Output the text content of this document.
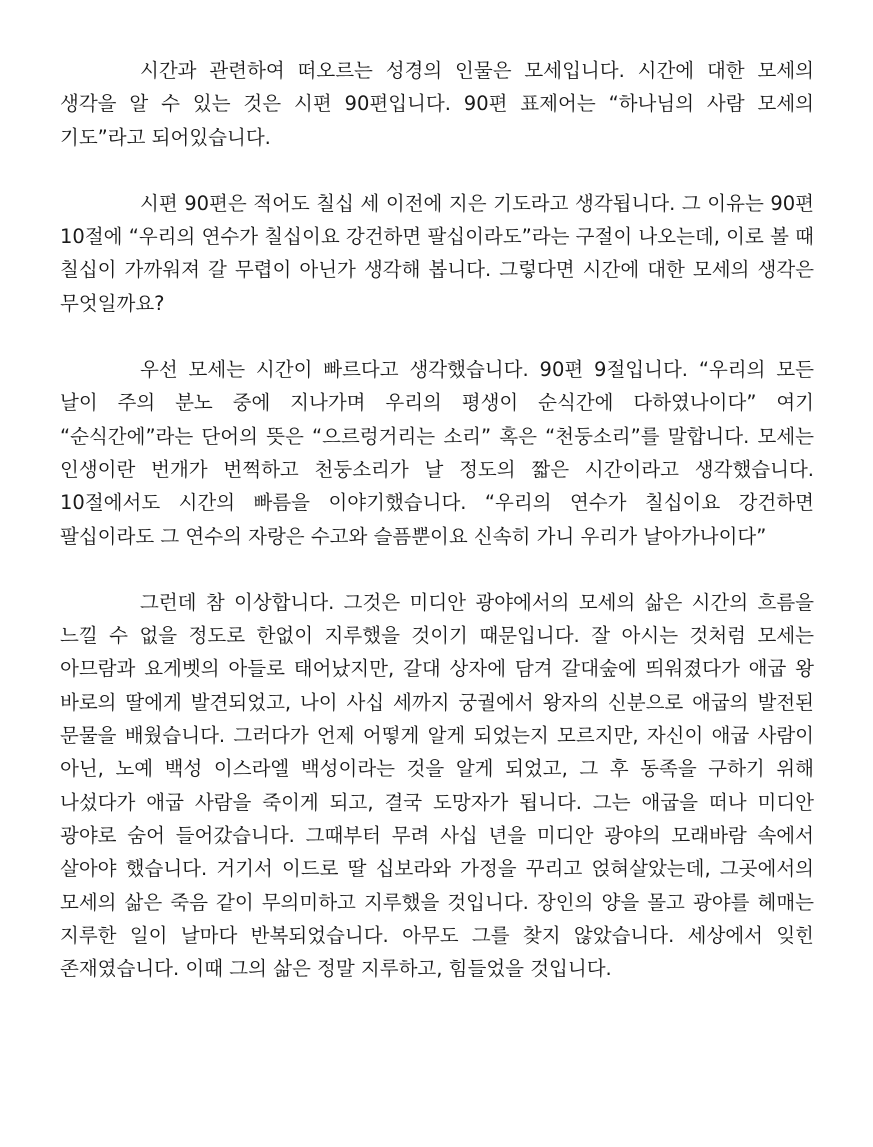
시간과 관련하여 떠오르는 성경의 인물은 모세입니다. 시간에 대한 모세의 생각을 알 수 있는 것은 시편 90편입니다. 90편 표제어는 “하나님의 사람 모세의 기도”라고 되어있습니다.

시편 90편은 적어도 칠십 세 이전에 지은 기도라고 생각됩니다. 그 이유는 90편 10절에 “우리의 연수가 칠십이요 강건하면 팔십이라도”라는 구절이 나오는데, 이로 볼 때 칠십이 가까워져 갈 무렵이 아닌가 생각해 봅니다. 그렇다면 시간에 대한 모세의 생각은 무엇일까요?

우선 모세는 시간이 빠르다고 생각했습니다. 90편 9절입니다. “우리의 모든 날이 주의 분노 중에 지나가며 우리의 평생이 순식간에 다하였나이다” 여기 “순식간에”라는 단어의 뜻은 “으르렁거리는 소리” 혹은 “천둥소리”를 말합니다. 모세는 인생이란 번개가 번쩍하고 천둥소리가 날 정도의 짧은 시간이라고 생각했습니다. 10절에서도 시간의 빠름을 이야기했습니다. “우리의 연수가 칠십이요 강건하면 팔십이라도 그 연수의 자랑은 수고와 슬픔뿐이요 신속히 가니 우리가 날아가나이다”

그런데 참 이상합니다. 그것은 미디안 광야에서의 모세의 삶은 시간의 흐름을 느낄 수 없을 정도로 한없이 지루했을 것이기 때문입니다. 잘 아시는 것처럼 모세는 아므람과 요게벳의 아들로 태어났지만, 갈대 상자에 담겨 갈대숲에 띄워졌다가 애굽 왕 바로의 딸에게 발견되었고, 나이 사십 세까지 궁궐에서 왕자의 신분으로 애굽의 발전된 문물을 배웠습니다. 그러다가 언제 어떻게 알게 되었는지 모르지만, 자신이 애굽 사람이 아닌, 노예 백성 이스라엘 백성이라는 것을 알게 되었고, 그 후 동족을 구하기 위해 나섰다가 애굽 사람을 죽이게 되고, 결국 도망자가 됩니다. 그는 애굽을 떠나 미디안 광야로 숨어 들어갔습니다. 그때부터 무려 사십 년을 미디안 광야의 모래바람 속에서 살아야 했습니다. 거기서 이드로 딸 십보라와 가정을 꾸리고 얹혀살았는데, 그곳에서의 모세의 삶은 죽음 같이 무의미하고 지루했을 것입니다. 장인의 양을 몰고 광야를 헤매는 지루한 일이 날마다 반복되었습니다. 아무도 그를 찾지 않았습니다. 세상에서 잊힌 존재였습니다. 이때 그의 삶은 정말 지루하고, 힘들었을 것입니다.
